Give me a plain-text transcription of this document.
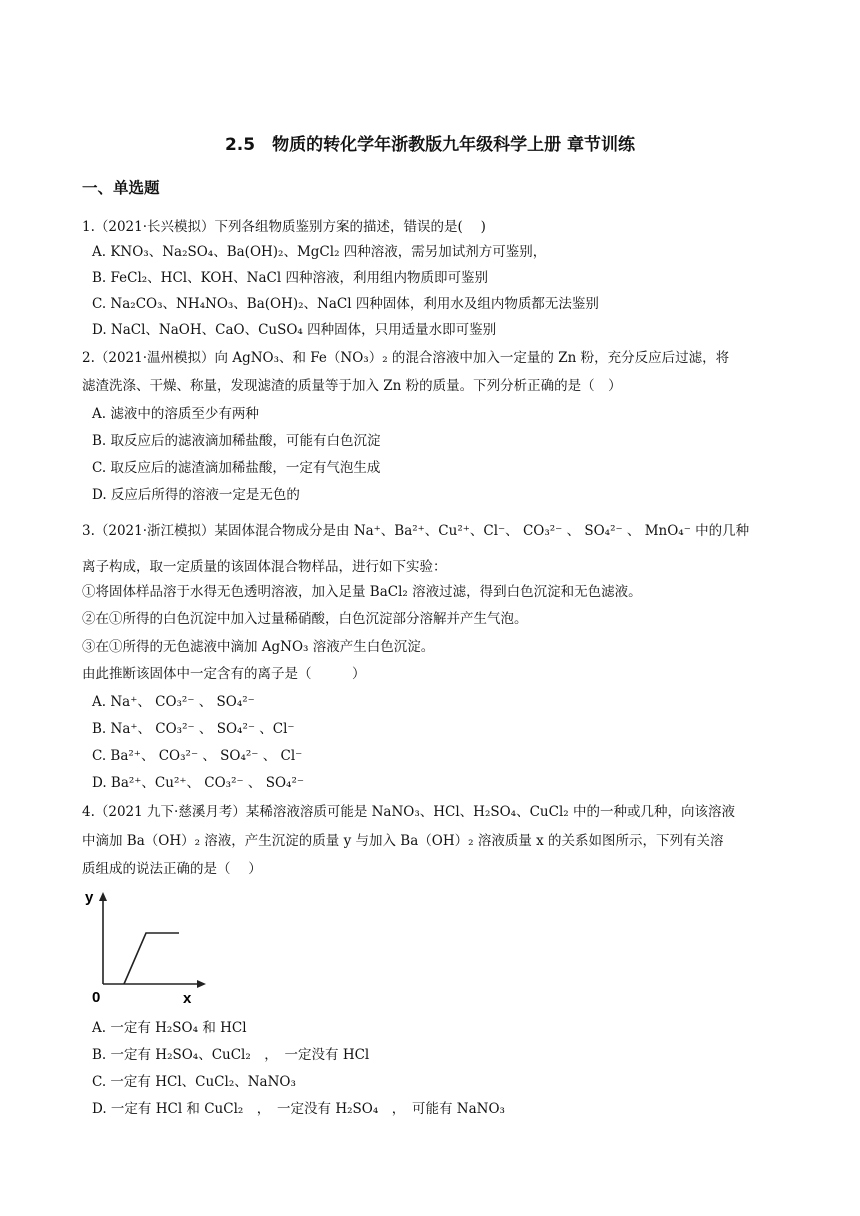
2.5　物质的转化学年浙教版九年级科学上册 章节训练
一、单选题
1.（2021·长兴模拟）下列各组物质鉴别方案的描述，错误的是(　 )
A. KNO₃、Na₂SO₄、Ba(OH)₂、MgCl₂ 四种溶液，需另加试剂方可鉴别，
B. FeCl₂、HCl、KOH、NaCl 四种溶液，利用组内物质即可鉴别
C. Na₂CO₃、NH₄NO₃、Ba(OH)₂、NaCl 四种固体，利用水及组内物质都无法鉴别
D. NaCl、NaOH、CaO、CuSO₄ 四种固体，只用适量水即可鉴别
2.（2021·温州模拟）向 AgNO₃、和 Fe（NO₃）₂ 的混合溶液中加入一定量的 Zn 粉，充分反应后过滤，将
滤渣洗涤、干燥、称量，发现滤渣的质量等于加入 Zn 粉的质量。下列分析正确的是（　）
A. 滤液中的溶质至少有两种
B. 取反应后的滤液滴加稀盐酸，可能有白色沉淀
C. 取反应后的滤渣滴加稀盐酸，一定有气泡生成
D. 反应后所得的溶液一定是无色的
3.（2021·浙江模拟）某固体混合物成分是由 Na⁺、Ba²⁺、Cu²⁺、Cl⁻、 CO₃²⁻ 、 SO₄²⁻ 、 MnO₄⁻ 中的几种
离子构成，取一定质量的该固体混合物样品，进行如下实验：
①将固体样品溶于水得无色透明溶液，加入足量 BaCl₂ 溶液过滤，得到白色沉淀和无色滤液。
②在①所得的白色沉淀中加入过量稀硝酸，白色沉淀部分溶解并产生气泡。
③在①所得的无色滤液中滴加 AgNO₃ 溶液产生白色沉淀。
由此推断该固体中一定含有的离子是（　　　）
A. Na⁺、 CO₃²⁻ 、 SO₄²⁻
B. Na⁺、 CO₃²⁻ 、 SO₄²⁻ 、Cl⁻
C. Ba²⁺、 CO₃²⁻ 、 SO₄²⁻ 、 Cl⁻
D. Ba²⁺、Cu²⁺、 CO₃²⁻ 、 SO₄²⁻
4.（2021 九下·慈溪月考）某稀溶液溶质可能是 NaNO₃、HCl、H₂SO₄、CuCl₂ 中的一种或几种，向该溶液
中滴加 Ba（OH）₂ 溶液，产生沉淀的质量 y 与加入 Ba（OH）₂ 溶液质量 x 的关系如图所示，下列有关溶
质组成的说法正确的是（　 ）
y
0	x
A. 一定有 H₂SO₄ 和 HCl
B. 一定有 H₂SO₄、CuCl₂　，　一定没有 HCl
C. 一定有 HCl、CuCl₂、NaNO₃
D. 一定有 HCl 和 CuCl₂　，　一定没有 H₂SO₄　，　可能有 NaNO₃
